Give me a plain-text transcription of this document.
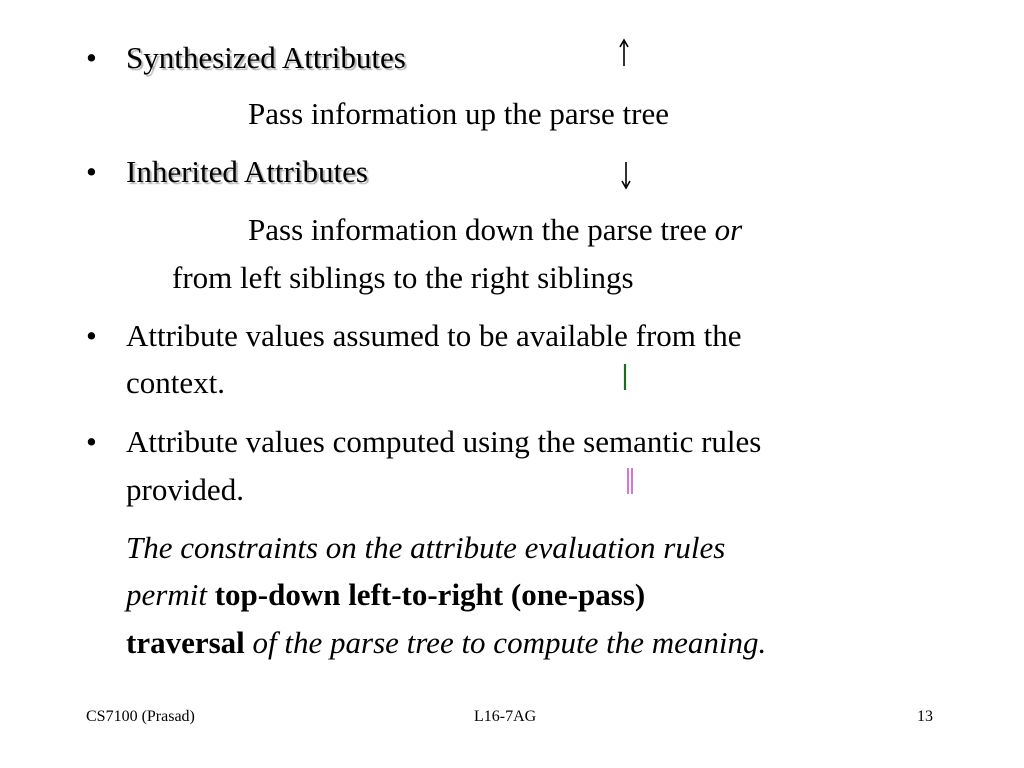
• Synthesized Attributes
Pass information up the parse tree
• Inherited Attributes
Pass information down the parse tree or
from left siblings to the right siblings
• Attribute values assumed to be available from the
context.
• Attribute values computed using the semantic rules
provided.
The constraints on the attribute evaluation rules
permit top-down left-to-right (one-pass)
traversal of the parse tree to compute the meaning.
CS7100 (Prasad)	L16-7AG	13
